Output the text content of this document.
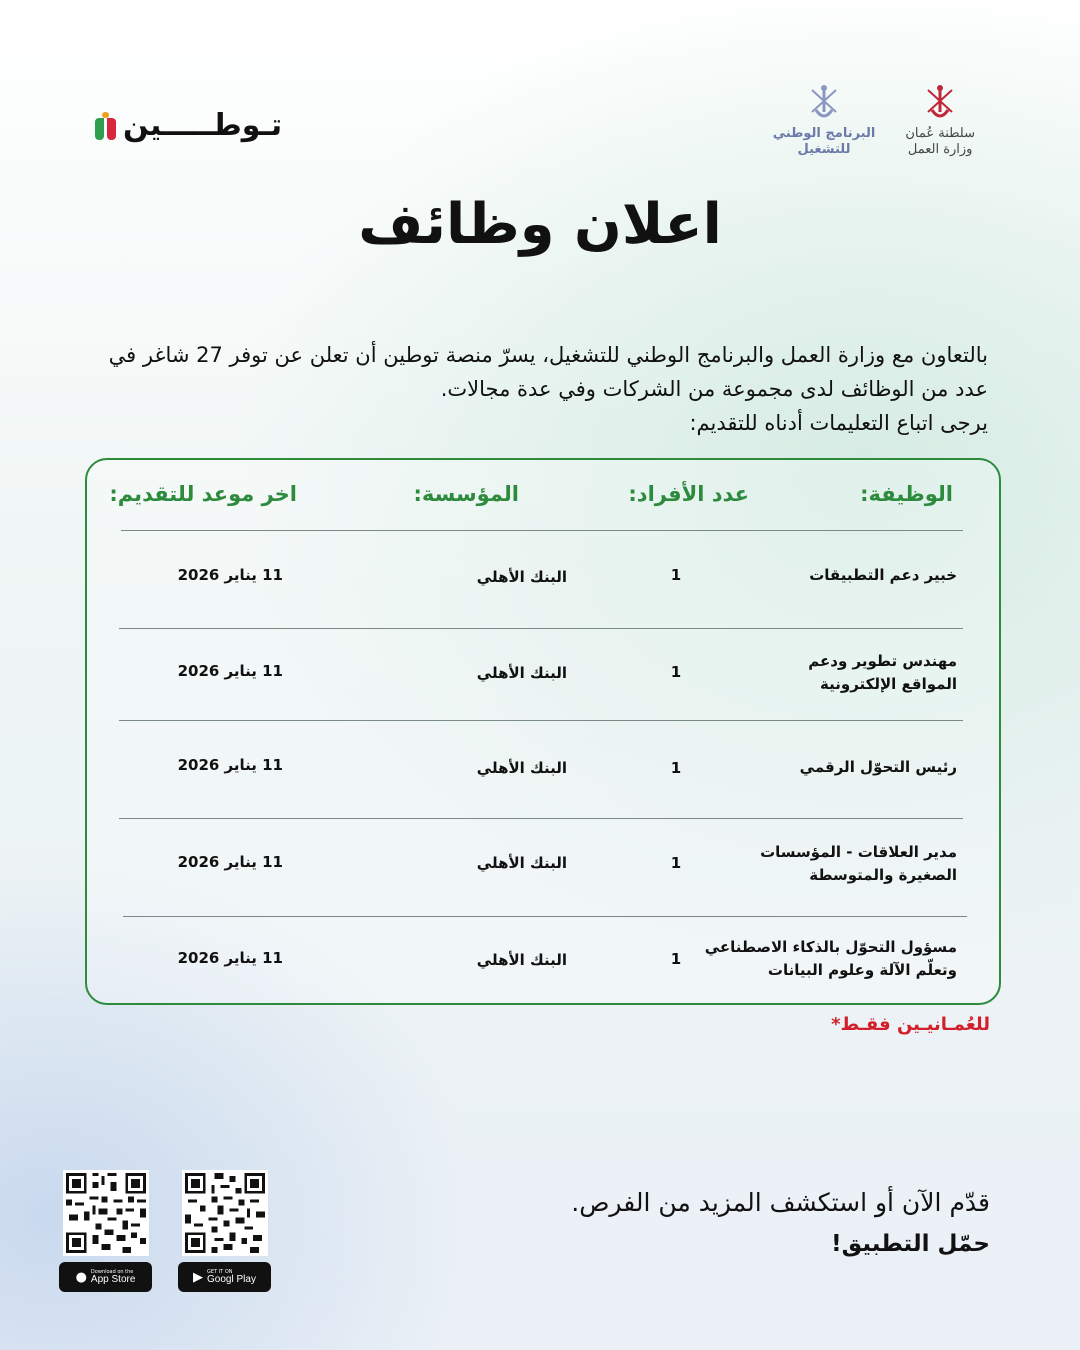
تـوطـــــين	البرنامج الوطني
للتشغيل
سلطنة عُمان
وزارة العمل
اعلان وظائف
بالتعاون مع وزارة العمل والبرنامج الوطني للتشغيل، يسرّ منصة توطين أن تعلن عن توفر 27 شاغر في
عدد من الوظائف لدى مجموعة من الشركات وفي عدة مجالات.
يرجى اتباع التعليمات أدناه للتقديم:
الوظيفة:
عدد الأفراد:
المؤسسة:
اخر موعد للتقديم:
خبير دعم التطبيقات
1
البنك الأهلي
11 يناير 2026
مهندس تطوير ودعم
المواقع الإلكترونية
1
البنك الأهلي
11 يناير 2026
رئيس التحوّل الرقمي
1
البنك الأهلي
11 يناير 2026
مدير العلاقات - المؤسسات
الصغيرة والمتوسطة
1
البنك الأهلي
11 يناير 2026
مسؤول التحوّل بالذكاء الاصطناعي
وتعلّم الآلة وعلوم البيانات
1
البنك الأهلي
11 يناير 2026
للعُمـانيـين فقـط*
● Download on the
App Store	▶ GET IT ON
Googl Play
قدّم الآن أو استكشف المزيد من الفرص.
حمّل التطبيق!
